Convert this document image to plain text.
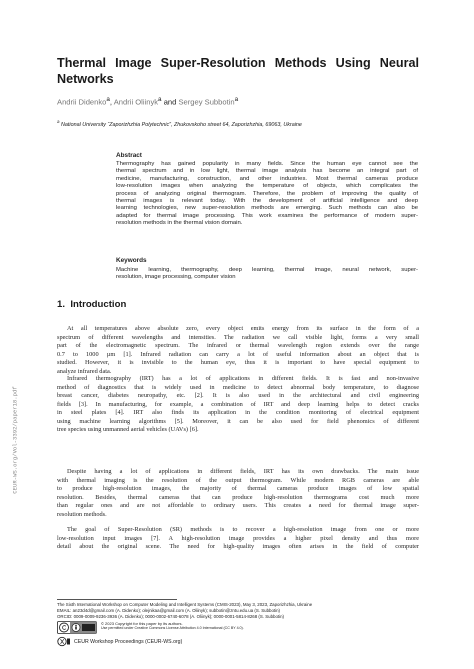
Thermal Image Super-Resolution Methods Using Neural Networks
Andrii Didenko$^a$, Andrii Oliinyk$^a$ and Sergey Subbotin$^a$
$^a$ National University “Zaporizhzhia Polytechnic”, Zhukovskoho street 64, Zaporizhzhia, 69063, Ukraine
Abstract
Thermography has gained popularity in many fields. Since the human eye cannot see the
thermal spectrum and in low light, thermal image analysis has become an integral part of
medicine, manufacturing, construction, and other industries. Most thermal cameras produce
low-resolution images when analyzing the temperature of objects, which complicates the
process of analyzing original thermogram. Therefore, the problem of improving the quality of
thermal images is relevant today. With the development of artificial intelligence and deep
learning technologies, new super-resolution methods are emerging. Such methods can also be
adapted for thermal image processing. This work examines the performance of modern super-
resolution methods in the thermal vision domain.
Keywords
Machine learning, thermography, deep learning, thermal image, neural network, super-
resolution, image processing, computer vision
1. Introduction
At all temperatures above absolute zero, every object emits energy from its surface in the form of a
spectrum of different wavelengths and intensities. The radiation we call visible light, forms a very small
part of the electromagnetic spectrum. The infrared or thermal wavelength region extends over the range
0.7 to 1000 µm [1]. Infrared radiation can carry a lot of useful information about an object that is
studied. However, it is invisible to the human eye, thus it is important to have special equipment to
analyze infrared data.
Infrared thermography (IRT) has a lot of applications in different fields. It is fast and non-invasive
method of diagnostics that is widely used in medicine to detect abnormal body temperature, to diagnose
breast cancer, diabetes neuropathy, etc. [2]. It is also used in the architectural and civil engineering
fields [3]. In manufacturing, for example, a combination of IRT and deep learning helps to detect cracks
in steel plates [4]. IRT also finds its application in the condition monitoring of electrical equipment
using machine learning algorithms [5]. Moreover, it can be also used for field phenomics of different
tree species using unmanned aerial vehicles (UAVs) [6].
Despite having a lot of applications in different fields, IRT has its own drawbacks. The main issue
with thermal imaging is the resolution of the output thermogram. While modern RGB cameras are able
to produce high-resolution images, the majority of thermal cameras produce images of low spatial
resolution. Besides, thermal cameras that can produce high-resolution thermograms cost much more
than regular ones and are not affordable to ordinary users. This creates a need for thermal image super-
resolution methods.
The goal of Super-Resolution (SR) methods is to recover a high-resolution image from one or more
low-resolution input images [7]. A high-resolution image provides a higher pixel density and thus more
detail about the original scene. The need for high-quality images often arises in the field of computer
The Sixth International Workshop on Computer Modeling and Intelligent Systems (CMIS-2023), May 3, 2023, Zaporizhzhia, Ukraine
EMAIL: an23d4d@gmail.com (A. Didenko); olejnikaa@gmail.com (A. Oliinyk); subbotin@zntu.edu.ua (S. Subbotin)
ORCID: 0009-0009-9236-3936 (A. Didenko); 0000-0002-6740-6078 (A. Oliinyk); 0000-0001-5814-8268 (S. Subbotin)
© 2023 Copyright for this paper by its authors.
Use permitted under Creative Commons License Attribution 4.0 International (CC BY 4.0).
CEUR Workshop Proceedings (CEUR-WS.org)
CEUR-WS.org/Vol-3392/paper18.pdf
